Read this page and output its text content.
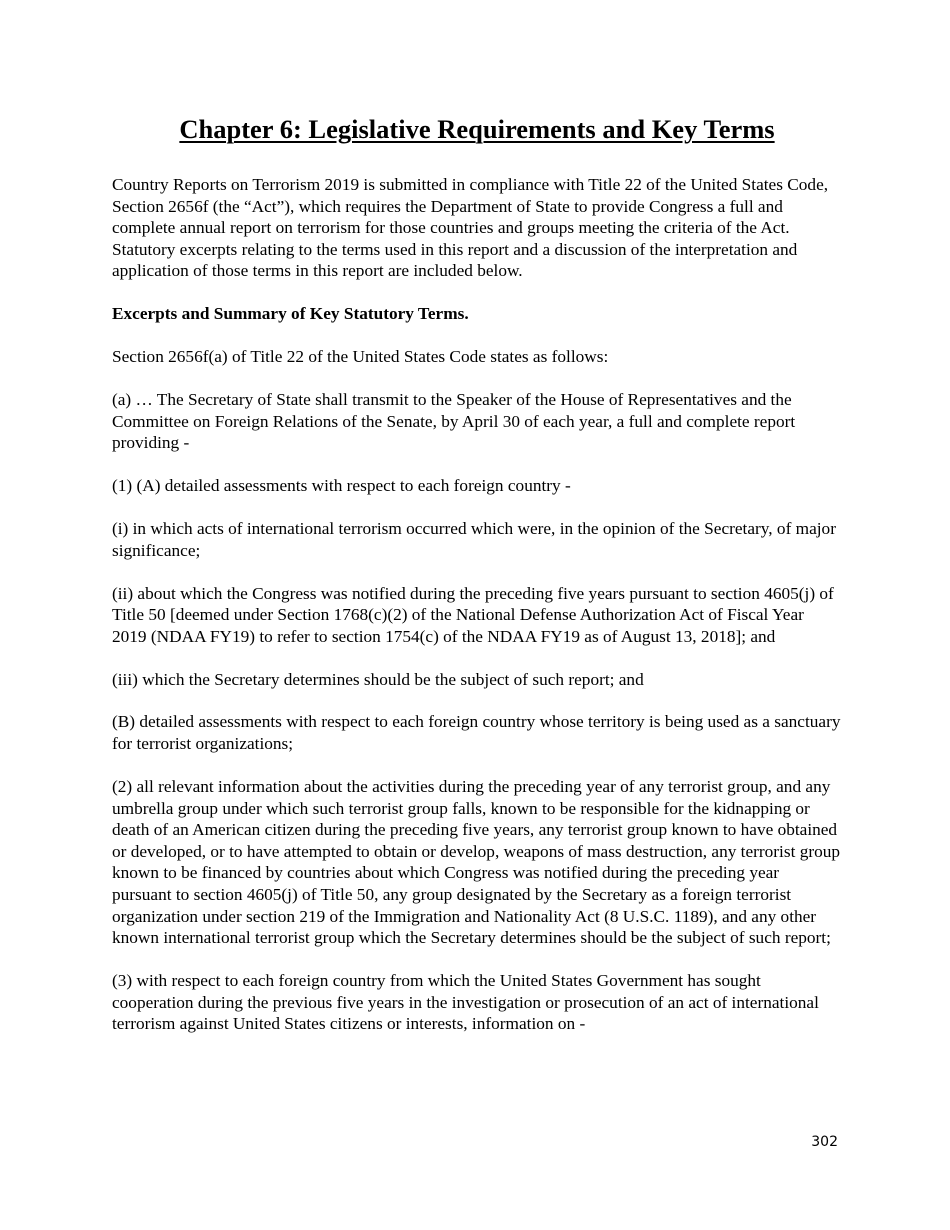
Chapter 6: Legislative Requirements and Key Terms

Country Reports on Terrorism 2019 is submitted in compliance with Title 22 of the United States Code, Section 2656f (the “Act”), which requires the Department of State to provide Congress a full and complete annual report on terrorism for those countries and groups meeting the criteria of the Act. Statutory excerpts relating to the terms used in this report and a discussion of the interpretation and application of those terms in this report are included below.

Excerpts and Summary of Key Statutory Terms.

Section 2656f(a) of Title 22 of the United States Code states as follows:

(a) … The Secretary of State shall transmit to the Speaker of the House of Representatives and the Committee on Foreign Relations of the Senate, by April 30 of each year, a full and complete report providing -

(1) (A) detailed assessments with respect to each foreign country -

(i) in which acts of international terrorism occurred which were, in the opinion of the Secretary, of major significance;

(ii) about which the Congress was notified during the preceding five years pursuant to section 4605(j) of Title 50 [deemed under Section 1768(c)(2) of the National Defense Authorization Act of Fiscal Year 2019 (NDAA FY19) to refer to section 1754(c) of the NDAA FY19 as of August 13, 2018]; and

(iii) which the Secretary determines should be the subject of such report; and

(B) detailed assessments with respect to each foreign country whose territory is being used as a sanctuary for terrorist organizations;

(2) all relevant information about the activities during the preceding year of any terrorist group, and any umbrella group under which such terrorist group falls, known to be responsible for the kidnapping or death of an American citizen during the preceding five years, any terrorist group known to have obtained or developed, or to have attempted to obtain or develop, weapons of mass destruction, any terrorist group known to be financed by countries about which Congress was notified during the preceding year pursuant to section 4605(j) of Title 50, any group designated by the Secretary as a foreign terrorist organization under section 219 of the Immigration and Nationality Act (8 U.S.C. 1189), and any other known international terrorist group which the Secretary determines should be the subject of such report;

(3) with respect to each foreign country from which the United States Government has sought cooperation during the previous five years in the investigation or prosecution of an act of international terrorism against United States citizens or interests, information on -

302
